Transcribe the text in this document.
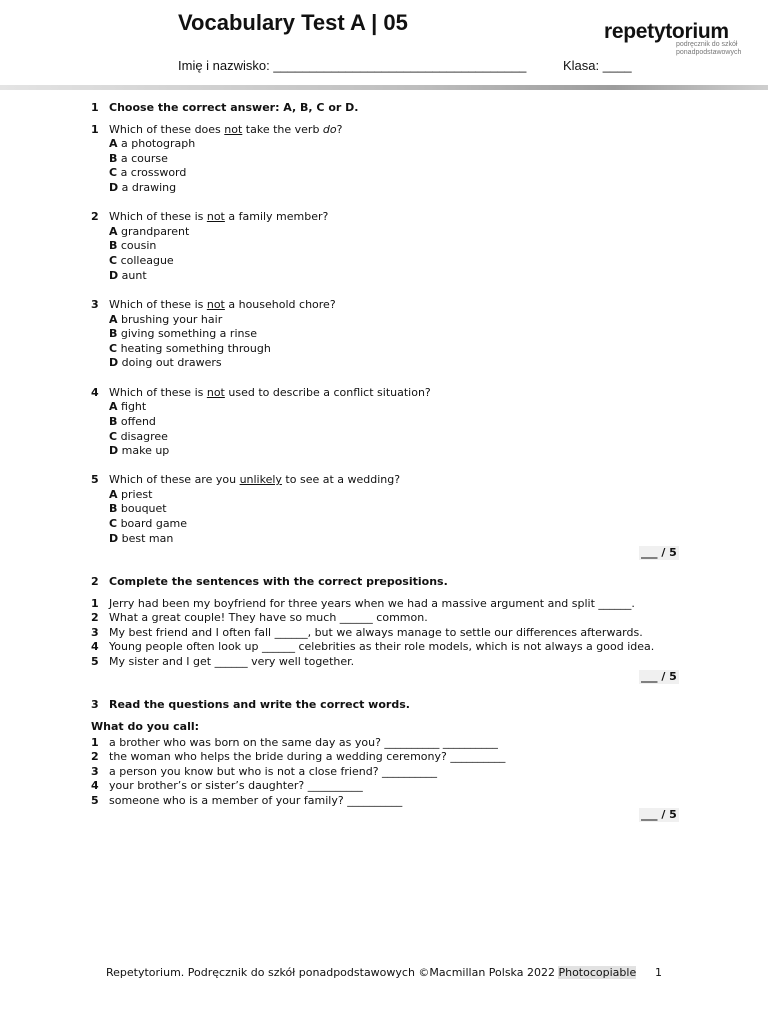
Vocabulary Test A | 05	repetytorium
podręcznik do szkół
ponadpodstawowych
Imię i nazwisko: ___________________________________	Klasa: ____
1 Choose the correct answer: A, B, C or D.
1 Which of these does not take the verb do?
A a photograph
B a course
C a crossword
D a drawing
2 Which of these is not a family member?
A grandparent
B cousin
C colleague
D aunt
3 Which of these is not a household chore?
A brushing your hair
B giving something a rinse
C heating something through
D doing out drawers
4 Which of these is not used to describe a conflict situation?
A fight
B offend
C disagree
D make up
5 Which of these are you unlikely to see at a wedding?
A priest
B bouquet
C board game
D best man
___ / 5
2 Complete the sentences with the correct prepositions.
1 Jerry had been my boyfriend for three years when we had a massive argument and split ______.
2 What a great couple! They have so much ______ common.
3 My best friend and I often fall ______, but we always manage to settle our differences afterwards.
4 Young people often look up ______ celebrities as their role models, which is not always a good idea.
5 My sister and I get ______ very well together.
___ / 5
3 Read the questions and write the correct words.
What do you call:
1 a brother who was born on the same day as you? __________ __________
2 the woman who helps the bride during a wedding ceremony? __________
3 a person you know but who is not a close friend? __________
4 your brother’s or sister’s daughter? __________
5 someone who is a member of your family? __________
___ / 5
Repetytorium. Podręcznik do szkół ponadpodstawowych ©Macmillan Polska 2022 Photocopiable 1
